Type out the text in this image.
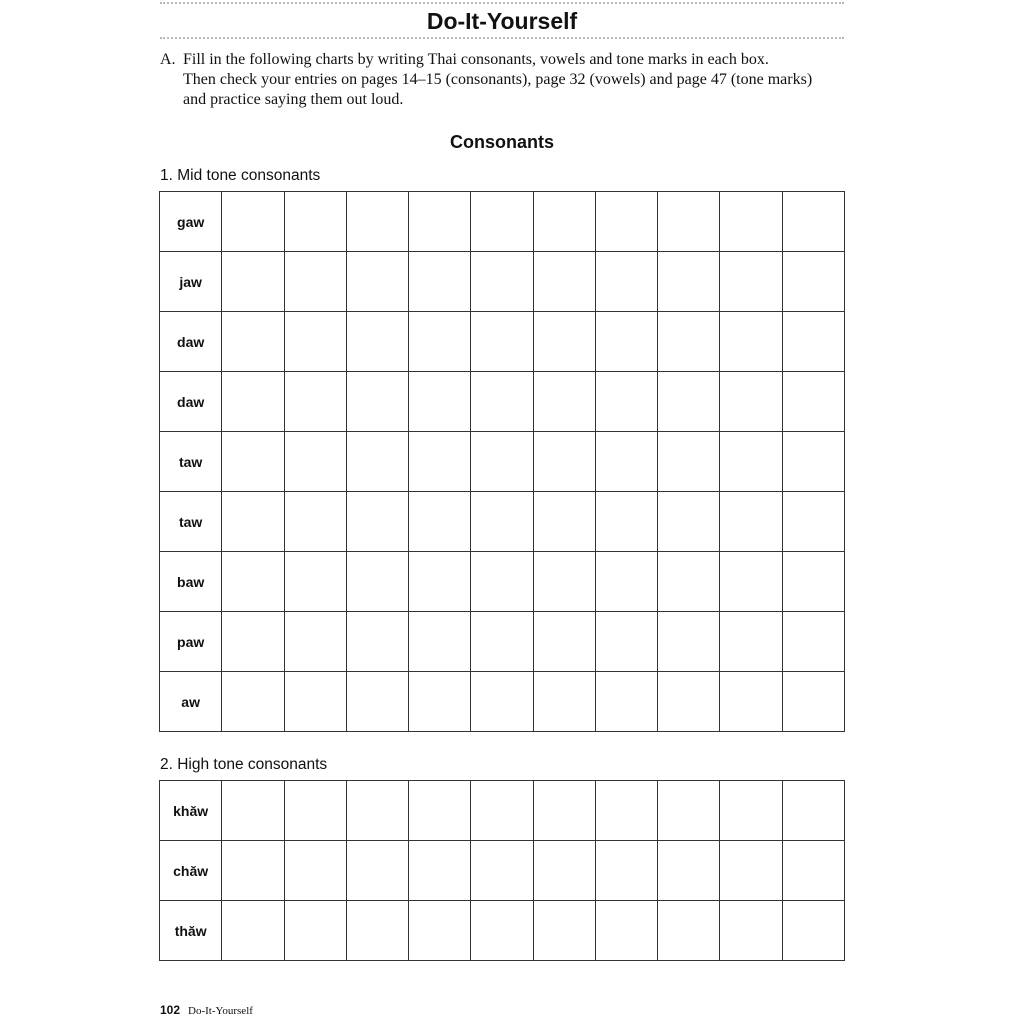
Do-It-Yourself
A. Fill in the following charts by writing Thai consonants, vowels and tone marks in each box.
Then check your entries on pages 14–15 (consonants), page 32 (vowels) and page 47 (tone marks)
and practice saying them out loud.
Consonants
1. Mid tone consonants
gaw										
jaw										
daw										
daw										
taw										
taw										
baw										
paw										
aw										
2. High tone consonants
khăw										
chăw										
thăw										
102 Do-It-Yourself
